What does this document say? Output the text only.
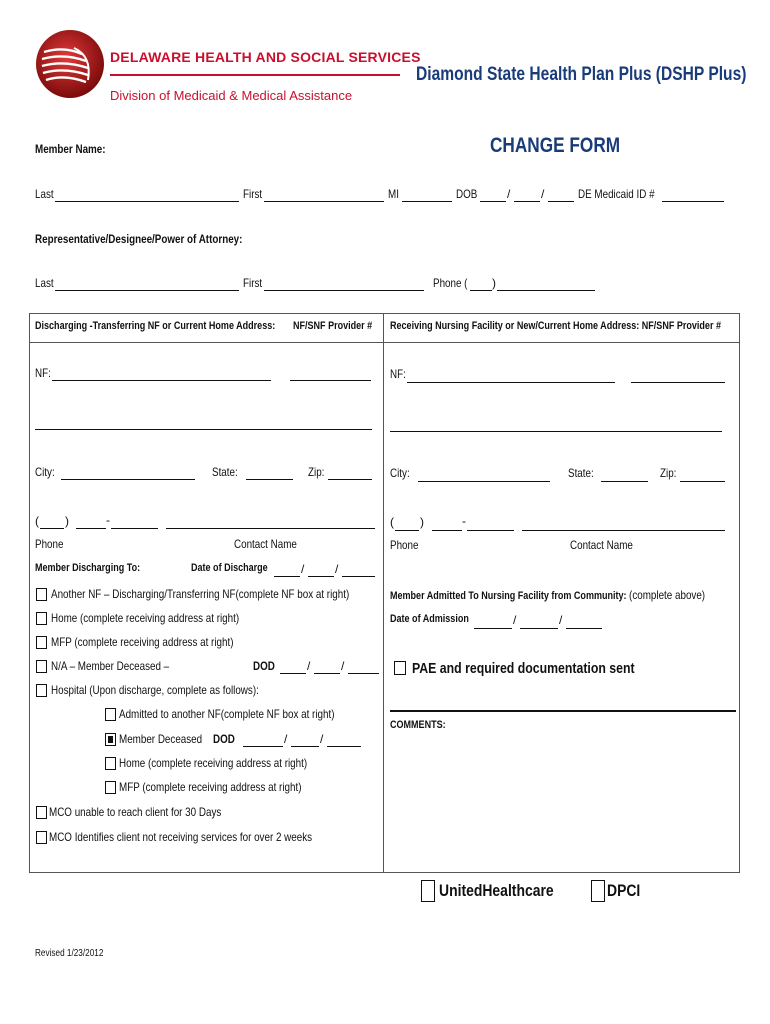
DELAWARE HEALTH AND SOCIAL SERVICES
Division of Medicaid & Medical Assistance
Diamond State Health Plan Plus (DSHP Plus)
CHANGE FORM
Member Name:
Last	First	MI	DOB	/	/	DE Medicaid ID #
Representative/Designee/Power of Attorney:
Last	First	Phone (	)
Discharging -Transferring NF or Current Home Address:	NF/SNF Provider #
NF:
City:	State:	Zip:
( )	-
Phone	Contact Name
Member Discharging To:	Date of Discharge	/	/
Another NF – Discharging/Transferring NF(complete NF box at right)
Home (complete receiving address at right)
MFP (complete receiving address at right)
N/A – Member Deceased –	DOD	/	/
Hospital (Upon discharge, complete as follows):
Admitted to another NF(complete NF box at right)
Member Deceased DOD	/	/
Home (complete receiving address at right)
MFP (complete receiving address at right)
MCO unable to reach client for 30 Days
MCO Identifies client not receiving services for over 2 weeks
Receiving Nursing Facility or New/Current Home Address: NF/SNF Provider #
NF:
City:	State:	Zip:
( )	-
Phone	Contact Name
Member Admitted To Nursing Facility from Community: (complete above)
Date of Admission	/	/
PAE and required documentation sent
COMMENTS:
UnitedHealthcare	DPCI
Revised 1/23/2012
